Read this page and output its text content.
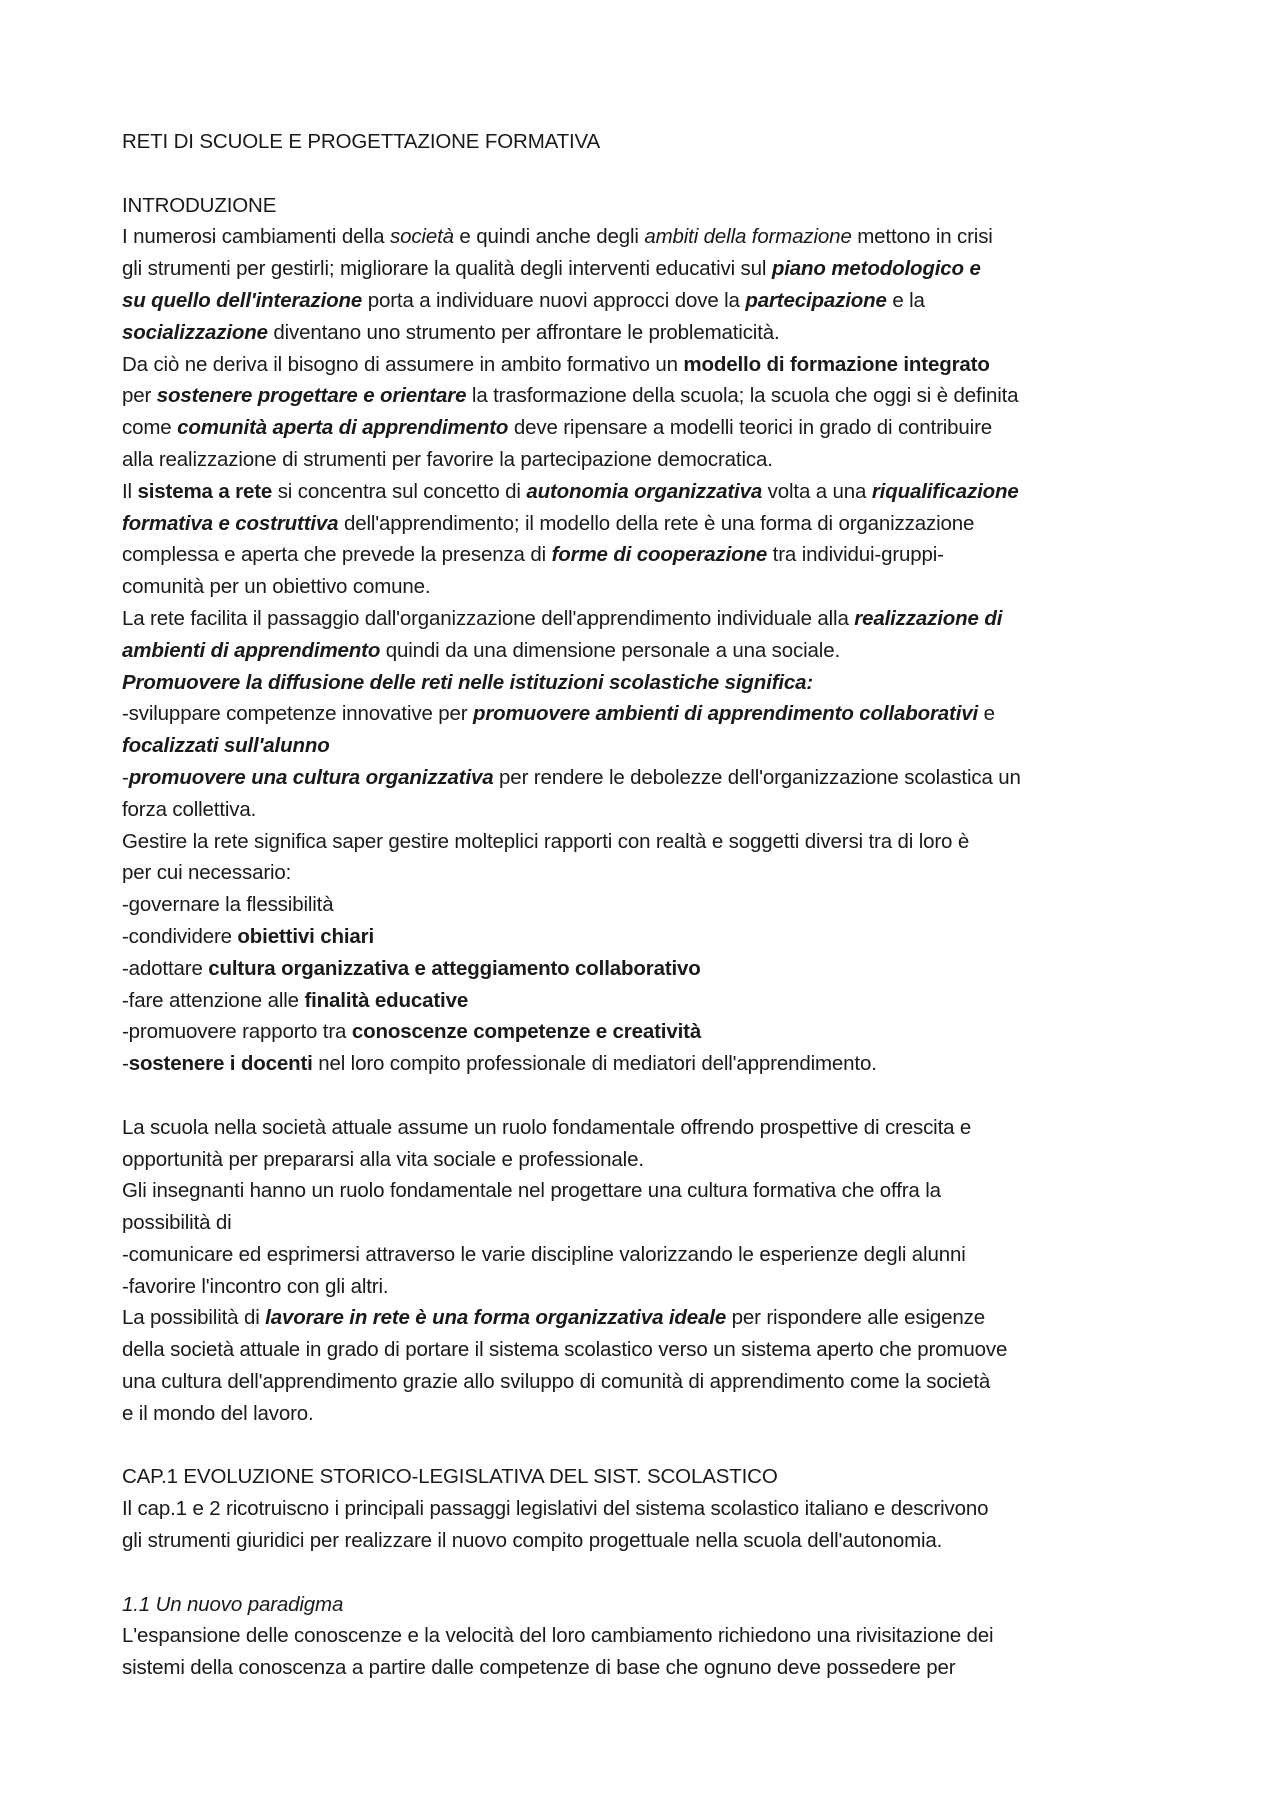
RETI DI SCUOLE E PROGETTAZIONE FORMATIVA
INTRODUZIONE
I numerosi cambiamenti della società e quindi anche degli ambiti della formazione mettono in crisi
gli strumenti per gestirli; migliorare la qualità degli interventi educativi sul piano metodologico e
su quello dell'interazione porta a individuare nuovi approcci dove la partecipazione e la
socializzazione diventano uno strumento per affrontare le problematicità.
Da ciò ne deriva il bisogno di assumere in ambito formativo un modello di formazione integrato
per sostenere progettare e orientare la trasformazione della scuola; la scuola che oggi si è definita
come comunità aperta di apprendimento deve ripensare a modelli teorici in grado di contribuire
alla realizzazione di strumenti per favorire la partecipazione democratica.
Il sistema a rete si concentra sul concetto di autonomia organizzativa volta a una riqualificazione
formativa e costruttiva dell'apprendimento; il modello della rete è una forma di organizzazione
complessa e aperta che prevede la presenza di forme di cooperazione tra individui-gruppi-
comunità per un obiettivo comune.
La rete facilita il passaggio dall'organizzazione dell'apprendimento individuale alla realizzazione di
ambienti di apprendimento quindi da una dimensione personale a una sociale.
Promuovere la diffusione delle reti nelle istituzioni scolastiche significa:
-sviluppare competenze innovative per promuovere ambienti di apprendimento collaborativi e
focalizzati sull'alunno
-promuovere una cultura organizzativa per rendere le debolezze dell'organizzazione scolastica un
forza collettiva.
Gestire la rete significa saper gestire molteplici rapporti con realtà e soggetti diversi tra di loro è
per cui necessario:
-governare la flessibilità
-condividere obiettivi chiari
-adottare cultura organizzativa e atteggiamento collaborativo
-fare attenzione alle finalità educative
-promuovere rapporto tra conoscenze competenze e creatività
-sostenere i docenti nel loro compito professionale di mediatori dell'apprendimento.
La scuola nella società attuale assume un ruolo fondamentale offrendo prospettive di crescita e
opportunità per prepararsi alla vita sociale e professionale.
Gli insegnanti hanno un ruolo fondamentale nel progettare una cultura formativa che offra la
possibilità di
-comunicare ed esprimersi attraverso le varie discipline valorizzando le esperienze degli alunni
-favorire l'incontro con gli altri.
La possibilità di lavorare in rete è una forma organizzativa ideale per rispondere alle esigenze
della società attuale in grado di portare il sistema scolastico verso un sistema aperto che promuove
una cultura dell'apprendimento grazie allo sviluppo di comunità di apprendimento come la società
e il mondo del lavoro.
CAP.1 EVOLUZIONE STORICO-LEGISLATIVA DEL SIST. SCOLASTICO
Il cap.1 e 2 ricotruiscno i principali passaggi legislativi del sistema scolastico italiano e descrivono
gli strumenti giuridici per realizzare il nuovo compito progettuale nella scuola dell'autonomia.
1.1 Un nuovo paradigma
L'espansione delle conoscenze e la velocità del loro cambiamento richiedono una rivisitazione dei
sistemi della conoscenza a partire dalle competenze di base che ognuno deve possedere per
